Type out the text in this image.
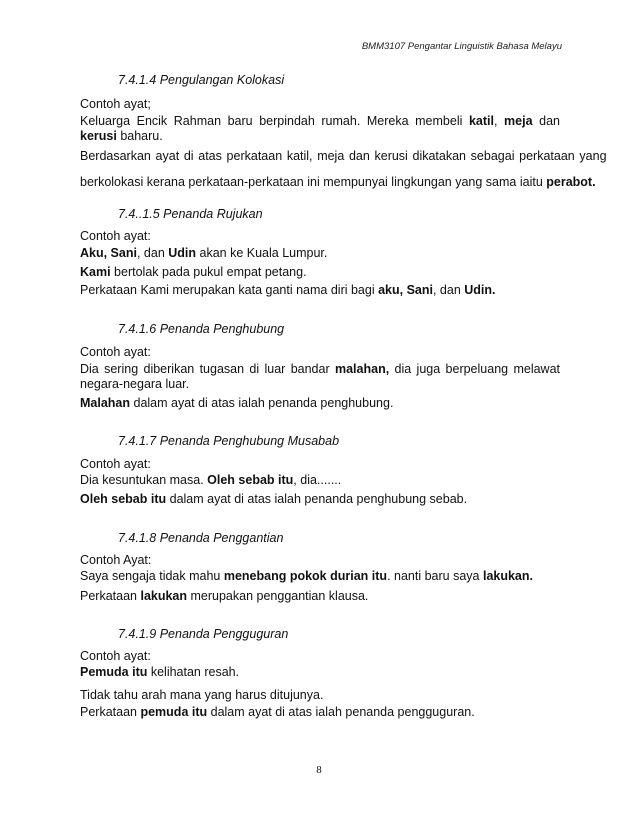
BMM3107 Pengantar Linguistik Bahasa Melayu
7.4.1.4 Pengulangan Kolokasi
Contoh ayat;
Keluarga Encik Rahman baru berpindah rumah. Mereka membeli katil, meja dan kerusi baharu.
Berdasarkan ayat di atas perkataan katil, meja dan kerusi dikatakan sebagai perkataan yang
berkolokasi kerana perkataan-perkataan ini mempunyai lingkungan yang sama iaitu perabot.
7.4..1.5 Penanda Rujukan
Contoh ayat:
Aku, Sani, dan Udin akan ke Kuala Lumpur.
Kami bertolak pada pukul empat petang.
Perkataan Kami merupakan kata ganti nama diri bagi aku, Sani, dan Udin.
7.4.1.6 Penanda Penghubung
Contoh ayat:
Dia sering diberikan tugasan di luar bandar malahan, dia juga berpeluang melawat negara-negara luar.
Malahan dalam ayat di atas ialah penanda penghubung.
7.4.1.7 Penanda Penghubung Musabab
Contoh ayat:
Dia kesuntukan masa. Oleh sebab itu, dia.......
Oleh sebab itu dalam ayat di atas ialah penanda penghubung sebab.
7.4.1.8 Penanda Penggantian
Contoh Ayat:
Saya sengaja tidak mahu menebang pokok durian itu. nanti baru saya lakukan.
Perkataan lakukan merupakan penggantian klausa.
7.4.1.9 Penanda Pengguguran
Contoh ayat:
Pemuda itu kelihatan resah.
Tidak tahu arah mana yang harus ditujunya.
Perkataan pemuda itu dalam ayat di atas ialah penanda pengguguran.
8
